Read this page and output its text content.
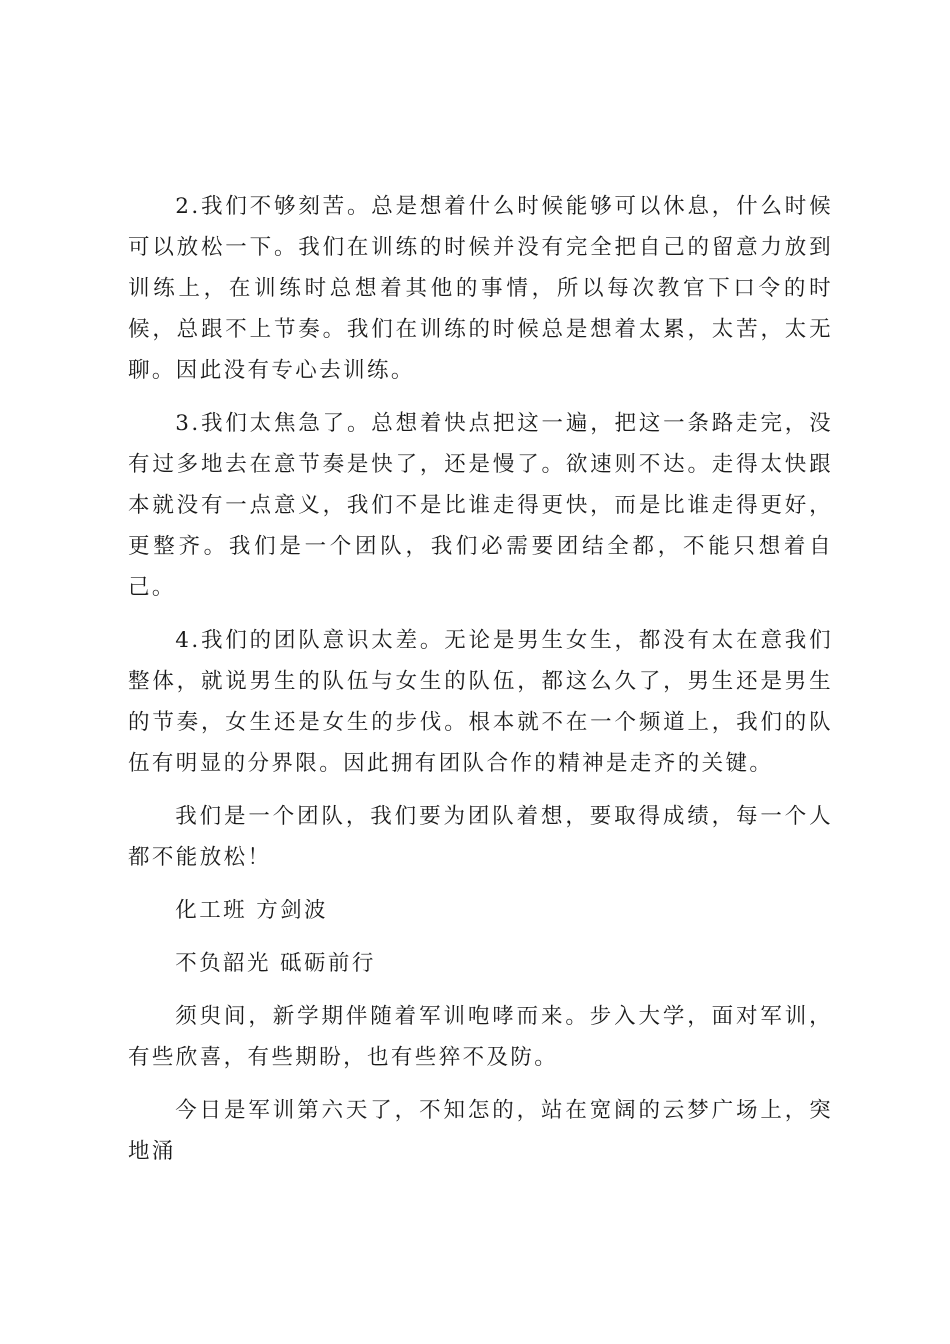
2.我们不够刻苦。总是想着什么时候能够可以休息，什么时候可以放松一下。我们在训练的时候并没有完全把自己的留意力放到训练上，在训练时总想着其他的事情，所以每次教官下口令的时候，总跟不上节奏。我们在训练的时候总是想着太累，太苦，太无聊。因此没有专心去训练。

3.我们太焦急了。总想着快点把这一遍，把这一条路走完，没有过多地去在意节奏是快了，还是慢了。欲速则不达。走得太快跟本就没有一点意义，我们不是比谁走得更快，而是比谁走得更好，更整齐。我们是一个团队，我们必需要团结全都，不能只想着自己。

4.我们的团队意识太差。无论是男生女生，都没有太在意我们整体，就说男生的队伍与女生的队伍，都这么久了，男生还是男生的节奏，女生还是女生的步伐。根本就不在一个频道上，我们的队伍有明显的分界限。因此拥有团队合作的精神是走齐的关键。

我们是一个团队，我们要为团队着想，要取得成绩，每一个人都不能放松！

化工班 方剑波

不负韶光 砥砺前行

须臾间，新学期伴随着军训咆哮而来。步入大学，面对军训，有些欣喜，有些期盼，也有些猝不及防。

今日是军训第六天了，不知怎的，站在宽阔的云梦广场上，突地涌
